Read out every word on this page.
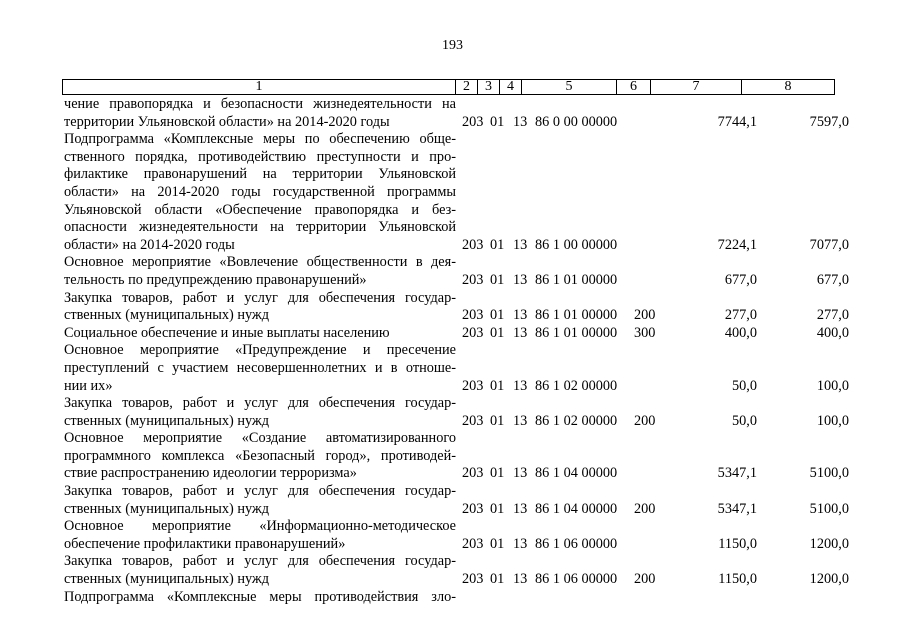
193
1	2	3	4	5	6	7	8
чение правопорядка и безопасности жизнедеятельности на
территории Ульяновской области» на 2014-2020 годы	203 01 13 86 0 00 00000	7744,1	7597,0
Подпрограмма «Комплексные меры по обеспечению обще-
ственного порядка, противодействию преступности и про-
филактике правонарушений на территории Ульяновской
области» на 2014-2020 годы государственной программы
Ульяновской области «Обеспечение правопорядка и без-
опасности жизнедеятельности на территории Ульяновской
области» на 2014-2020 годы	203 01 13 86 1 00 00000	7224,1	7077,0
Основное мероприятие «Вовлечение общественности в дея-
тельность по предупреждению правонарушений»	203 01 13 86 1 01 00000	677,0	677,0
Закупка товаров, работ и услуг для обеспечения государ-
ственных (муниципальных) нужд	203 01 13 86 1 01 00000 200	277,0	277,0
Социальное обеспечение и иные выплаты населению	203 01 13 86 1 01 00000 300	400,0	400,0
Основное мероприятие «Предупреждение и пресечение
преступлений с участием несовершеннолетних и в отноше-
нии их»	203 01 13 86 1 02 00000	50,0	100,0
Закупка товаров, работ и услуг для обеспечения государ-
ственных (муниципальных) нужд	203 01 13 86 1 02 00000 200	50,0	100,0
Основное мероприятие «Создание автоматизированного
программного комплекса «Безопасный город», противодей-
ствие распространению идеологии терроризма»	203 01 13 86 1 04 00000	5347,1	5100,0
Закупка товаров, работ и услуг для обеспечения государ-
ственных (муниципальных) нужд	203 01 13 86 1 04 00000 200	5347,1	5100,0
Основное мероприятие «Информационно-методическое
обеспечение профилактики правонарушений»	203 01 13 86 1 06 00000	1150,0	1200,0
Закупка товаров, работ и услуг для обеспечения государ-
ственных (муниципальных) нужд	203 01 13 86 1 06 00000 200	1150,0	1200,0
Подпрограмма «Комплексные меры противодействия зло-
